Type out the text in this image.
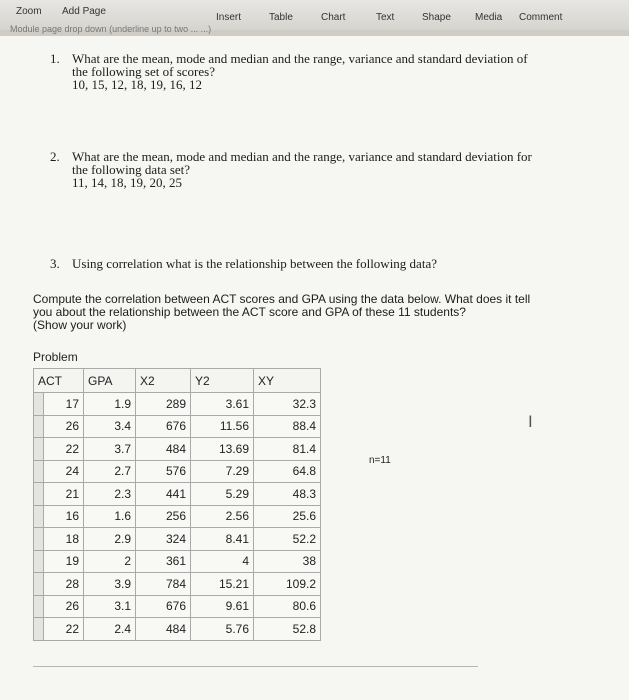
Zoom Add Page
Insert	Table	Chart	Text	Shape Media Comment
Module page drop down (underline up to two ... ...)
1. What are the mean, mode and median and the range, variance and standard deviation of
the following set of scores?
10, 15, 12, 18, 19, 16, 12
2. What are the mean, mode and median and the range, variance and standard deviation for
the following data set?
11, 14, 18, 19, 20, 25
3. Using correlation what is the relationship between the following data?
Compute the correlation between ACT scores and GPA using the data below. What does it tell
you about the relationship between the ACT score and GPA of these 11 students?
(Show your work)
Problem
ACT		GPA	X2	Y2	XY
	17	1.9	289	3.61	32.3
	26	3.4	676	11.56	88.4
	22	3.7	484	13.69	81.4
	24	2.7	576	7.29	64.8
	21	2.3	441	5.29	48.3
	16	1.6	256	2.56	25.6
	18	2.9	324	8.41	52.2
	19	2	361	4	38
	28	3.9	784	15.21	109.2
	26	3.1	676	9.61	80.6
	22	2.4	484	5.76	52.8
n=11
I
